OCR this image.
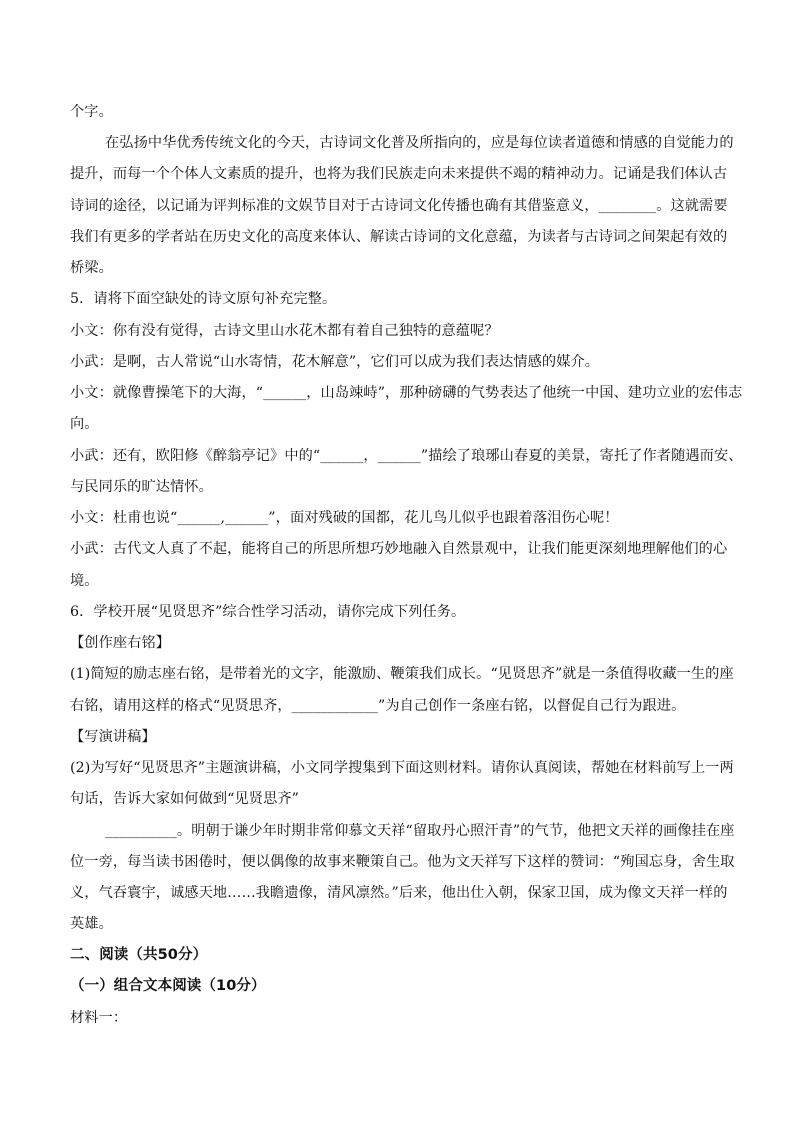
个字。
在弘扬中华优秀传统文化的今天，古诗词文化普及所指向的，应是每位读者道德和情感的自觉能力的
提升，而每一个个体人文素质的提升，也将为我们民族走向未来提供不竭的精神动力。记诵是我们体认古
诗词的途径，以记诵为评判标准的文娱节目对于古诗词文化传播也确有其借鉴意义，________。这就需要
我们有更多的学者站在历史文化的高度来体认、解读古诗词的文化意蕴，为读者与古诗词之间架起有效的
桥梁。
5．请将下面空缺处的诗文原句补充完整。
小文：你有没有觉得，古诗文里山水花木都有着自己独特的意蕴呢？
小武：是啊，古人常说“山水寄情，花木解意”，它们可以成为我们表达情感的媒介。
小文：就像曹操笔下的大海，“______，山岛竦峙”，那种磅礴的气势表达了他统一中国、建功立业的宏伟志
向。
小武：还有，欧阳修《醉翁亭记》中的“______，______”描绘了琅琊山春夏的美景，寄托了作者随遇而安、
与民同乐的旷达情怀。
小文：杜甫也说“______,______”，面对残破的国都，花儿鸟儿似乎也跟着落泪伤心呢！
小武：古代文人真了不起，能将自己的所思所想巧妙地融入自然景观中，让我们能更深刻地理解他们的心
境。
6．学校开展“见贤思齐”综合性学习活动，请你完成下列任务。
【创作座右铭】
(1)简短的励志座右铭，是带着光的文字，能激励、鞭策我们成长。“见贤思齐”就是一条值得收藏一生的座
右铭，请用这样的格式“见贤思齐，____________”为自己创作一条座右铭，以督促自己行为跟进。
【写演讲稿】
(2)为写好“见贤思齐”主题演讲稿，小文同学搜集到下面这则材料。请你认真阅读，帮她在材料前写上一两
句话，告诉大家如何做到“见贤思齐”
__________。明朝于谦少年时期非常仰慕文天祥“留取丹心照汗青”的气节，他把文天祥的画像挂在座
位一旁，每当读书困倦时，便以偶像的故事来鞭策自己。他为文天祥写下这样的赞词：“殉国忘身，舍生取
义，气吞寰宇，诚感天地……我瞻遗像，清风凛然。”后来，他出仕入朝，保家卫国，成为像文天祥一样的
英雄。
二、阅读（共50分）
（一）组合文本阅读（10分）
材料一：
